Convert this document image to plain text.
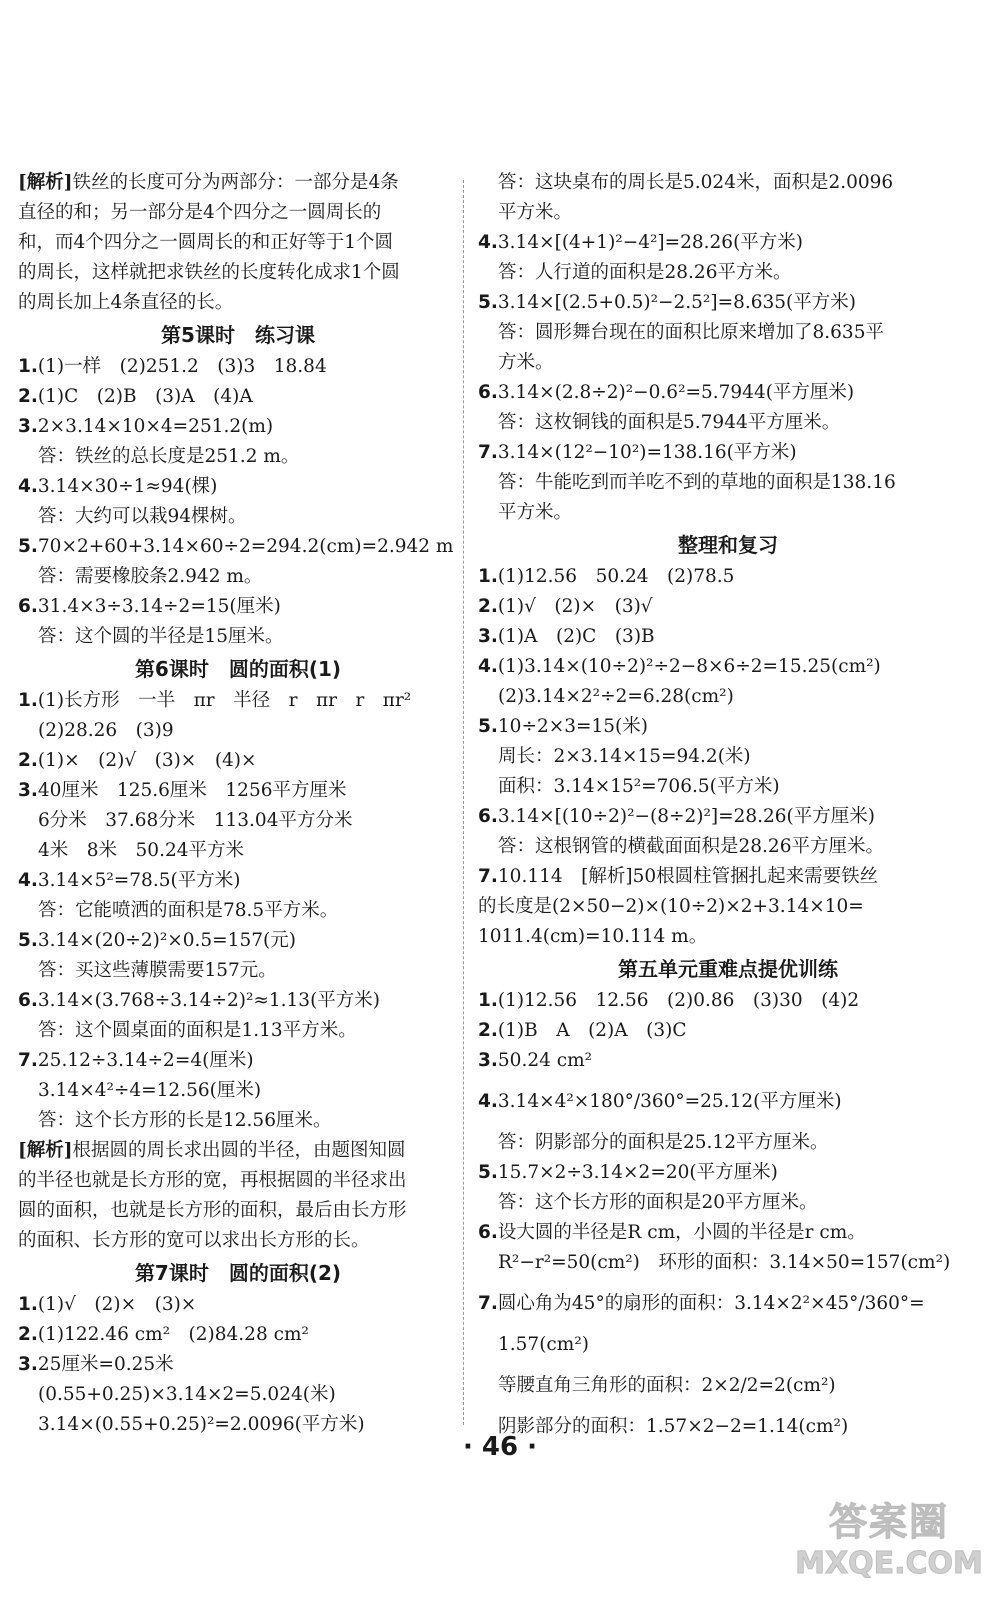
[解析]铁丝的长度可分为两部分：一部分是4条
直径的和；另一部分是4个四分之一圆周长的
和，而4个四分之一圆周长的和正好等于1个圆
的周长，这样就把求铁丝的长度转化成求1个圆
的周长加上4条直径的长。
第5课时　练习课
1.(1)一样　(2)251.2　(3)3　18.84
2.(1)C　(2)B　(3)A　(4)A
3.2×3.14×10×4=251.2(m)
答：铁丝的总长度是251.2 m。
4.3.14×30÷1≈94(棵)
答：大约可以栽94棵树。
5.70×2+60+3.14×60÷2=294.2(cm)=2.942 m
答：需要橡胶条2.942 m。
6.31.4×3÷3.14÷2=15(厘米)
答：这个圆的半径是15厘米。
第6课时　圆的面积(1)
1.(1)长方形　一半　πr　半径　r　πr　r　πr²
(2)28.26　(3)9
2.(1)×　(2)√　(3)×　(4)×
3.40厘米　125.6厘米　1256平方厘米
6分米　37.68分米　113.04平方分米
4米　8米　50.24平方米
4.3.14×5²=78.5(平方米)
答：它能喷洒的面积是78.5平方米。
5.3.14×(20÷2)²×0.5=157(元)
答：买这些薄膜需要157元。
6.3.14×(3.768÷3.14÷2)²≈1.13(平方米)
答：这个圆桌面的面积是1.13平方米。
7.25.12÷3.14÷2=4(厘米)
3.14×4²÷4=12.56(厘米)
答：这个长方形的长是12.56厘米。
[解析]根据圆的周长求出圆的半径，由题图知圆
的半径也就是长方形的宽，再根据圆的半径求出
圆的面积，也就是长方形的面积，最后由长方形
的面积、长方形的宽可以求出长方形的长。
第7课时　圆的面积(2)
1.(1)√　(2)×　(3)×
2.(1)122.46 cm²　(2)84.28 cm²
3.25厘米=0.25米
(0.55+0.25)×3.14×2=5.024(米)
3.14×(0.55+0.25)²=2.0096(平方米)
答：这块桌布的周长是5.024米，面积是2.0096
平方米。
4.3.14×[(4+1)²−4²]=28.26(平方米)
答：人行道的面积是28.26平方米。
5.3.14×[(2.5+0.5)²−2.5²]=8.635(平方米)
答：圆形舞台现在的面积比原来增加了8.635平
方米。
6.3.14×(2.8÷2)²−0.6²=5.7944(平方厘米)
答：这枚铜钱的面积是5.7944平方厘米。
7.3.14×(12²−10²)=138.16(平方米)
答：牛能吃到而羊吃不到的草地的面积是138.16
平方米。
整理和复习
1.(1)12.56　50.24　(2)78.5
2.(1)√　(2)×　(3)√
3.(1)A　(2)C　(3)B
4.(1)3.14×(10÷2)²÷2−8×6÷2=15.25(cm²)
(2)3.14×2²÷2=6.28(cm²)
5.10÷2×3=15(米)
周长：2×3.14×15=94.2(米)
面积：3.14×15²=706.5(平方米)
6.3.14×[(10÷2)²−(8÷2)²]=28.26(平方厘米)
答：这根钢管的横截面面积是28.26平方厘米。
7.10.114　[解析]50根圆柱管捆扎起来需要铁丝
的长度是(2×50−2)×(10÷2)×2+3.14×10=
1011.4(cm)=10.114 m。
第五单元重难点提优训练
1.(1)12.56　12.56　(2)0.86　(3)30　(4)2
2.(1)B　A　(2)A　(3)C
3.50.24 cm²
4.3.14×4²×180°/360°=25.12(平方厘米)
答：阴影部分的面积是25.12平方厘米。
5.15.7×2÷3.14×2=20(平方厘米)
答：这个长方形的面积是20平方厘米。
6.设大圆的半径是R cm，小圆的半径是r cm。
R²−r²=50(cm²)　环形的面积：3.14×50=157(cm²)
7.圆心角为45°的扇形的面积：3.14×2²×45°/360°=
1.57(cm²)
等腰直角三角形的面积：2×2/2=2(cm²)
阴影部分的面积：1.57×2−2=1.14(cm²)
· 46 ·
答案圈
MXQE.COM
